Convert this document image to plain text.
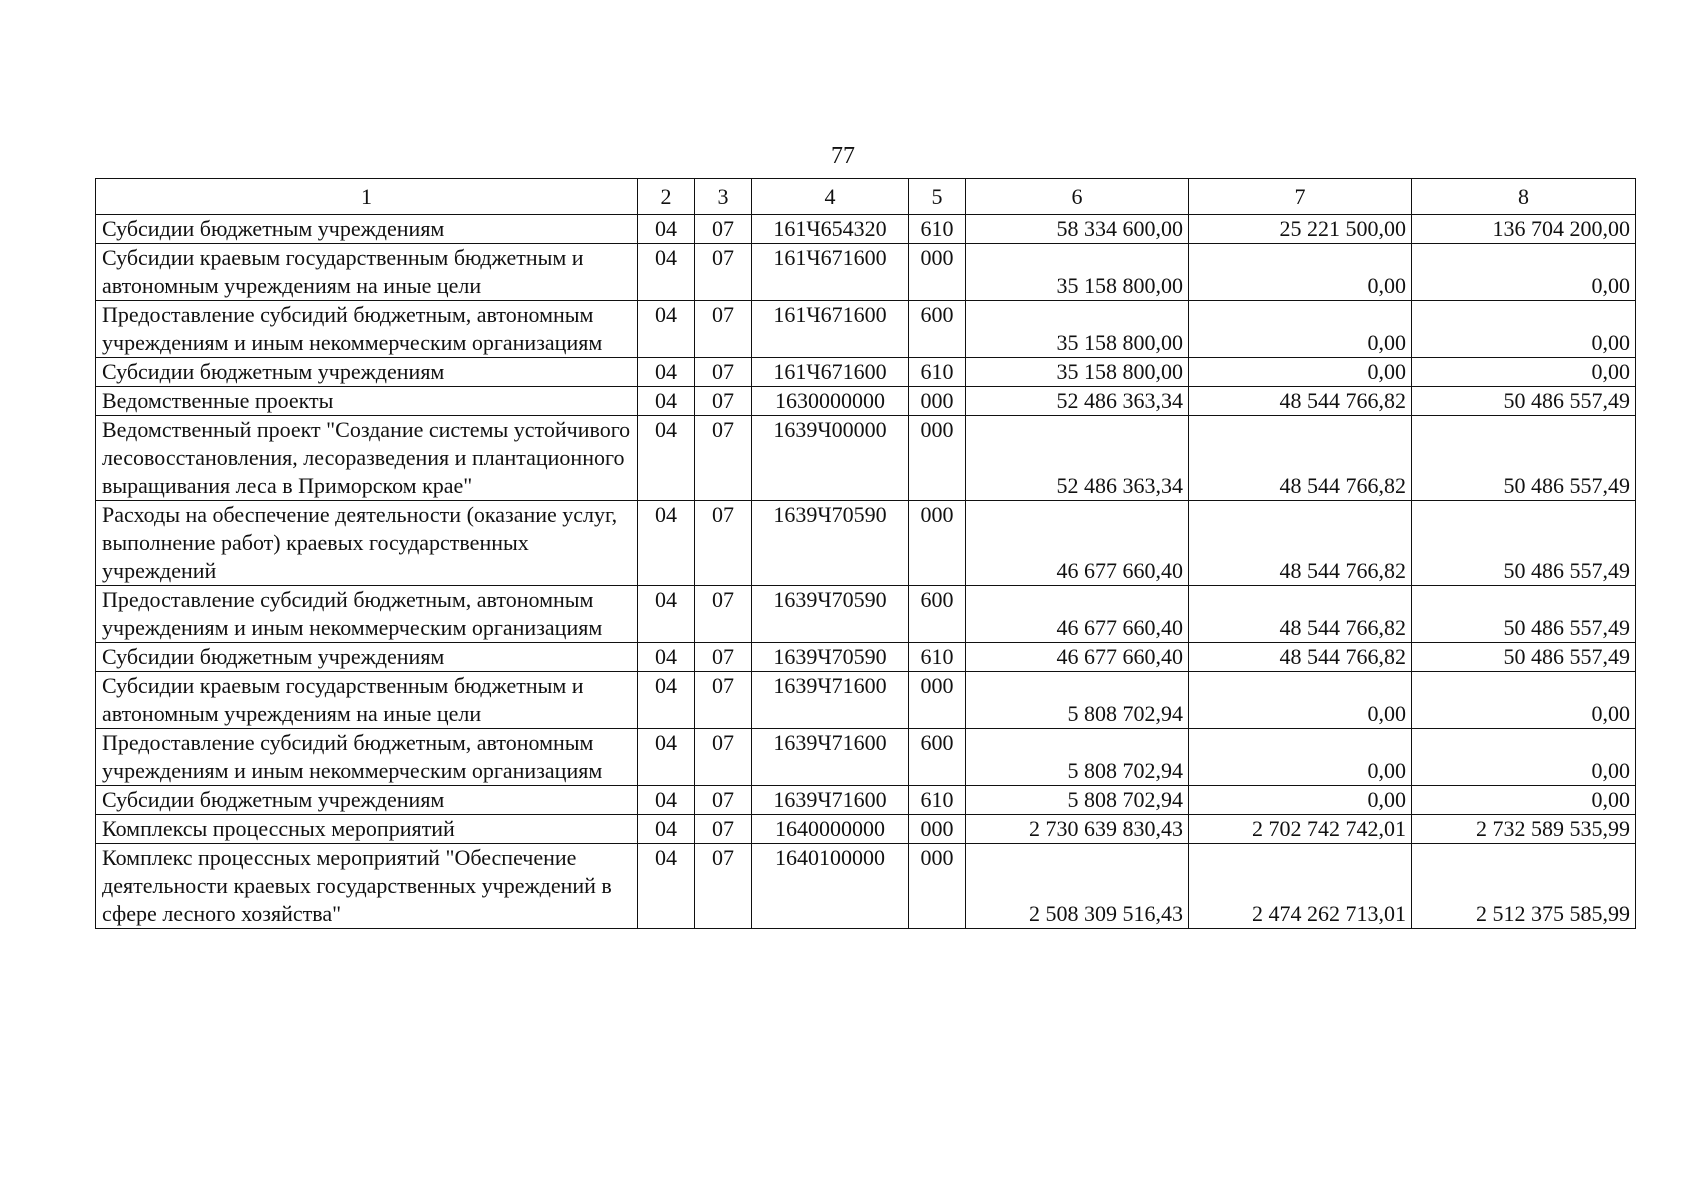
77
1	2	3	4	5	6	7	8
Субсидии бюджетным учреждениям	04	07	161Ч654320	610	58 334 600,00	25 221 500,00	136 704 200,00
Субсидии краевым государственным бюджетным и автономным учреждениям на иные цели	04	07	161Ч671600	000	35 158 800,00	0,00	0,00
Предоставление субсидий бюджетным, автономным учреждениям и иным некоммерческим организациям	04	07	161Ч671600	600	35 158 800,00	0,00	0,00
Субсидии бюджетным учреждениям	04	07	161Ч671600	610	35 158 800,00	0,00	0,00
Ведомственные проекты	04	07	1630000000	000	52 486 363,34	48 544 766,82	50 486 557,49
Ведомственный проект "Создание системы устойчивого лесовосстановления, лесоразведения и плантационного выращивания леса в Приморском крае"	04	07	1639Ч00000	000	52 486 363,34	48 544 766,82	50 486 557,49
Расходы на обеспечение деятельности (оказание услуг, выполнение работ) краевых государственных учреждений	04	07	1639Ч70590	000	46 677 660,40	48 544 766,82	50 486 557,49
Предоставление субсидий бюджетным, автономным учреждениям и иным некоммерческим организациям	04	07	1639Ч70590	600	46 677 660,40	48 544 766,82	50 486 557,49
Субсидии бюджетным учреждениям	04	07	1639Ч70590	610	46 677 660,40	48 544 766,82	50 486 557,49
Субсидии краевым государственным бюджетным и автономным учреждениям на иные цели	04	07	1639Ч71600	000	5 808 702,94	0,00	0,00
Предоставление субсидий бюджетным, автономным учреждениям и иным некоммерческим организациям	04	07	1639Ч71600	600	5 808 702,94	0,00	0,00
Субсидии бюджетным учреждениям	04	07	1639Ч71600	610	5 808 702,94	0,00	0,00
Комплексы процессных мероприятий	04	07	1640000000	000	2 730 639 830,43	2 702 742 742,01	2 732 589 535,99
Комплекс процессных мероприятий "Обеспечение деятельности краевых государственных учреждений в сфере лесного хозяйства"	04	07	1640100000	000	2 508 309 516,43	2 474 262 713,01	2 512 375 585,99
